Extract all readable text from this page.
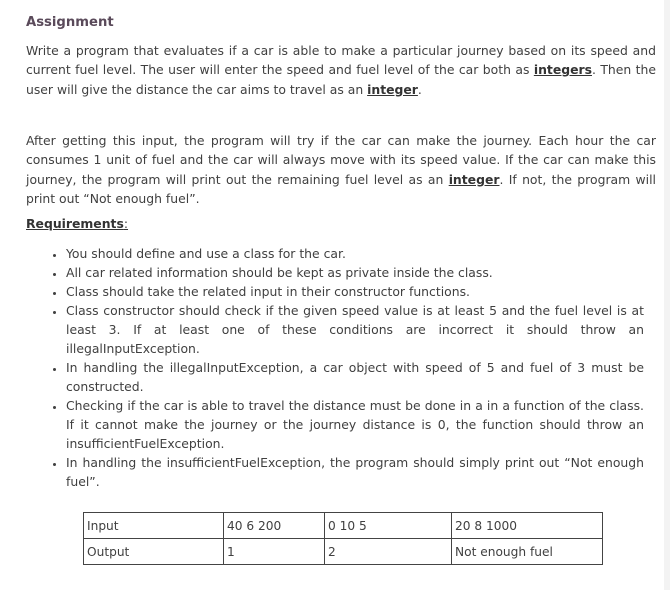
Assignment

Write a program that evaluates if a car is able to make a particular journey based on its speed and current fuel level. The user will enter the speed and fuel level of the car both as integers. Then the user will give the distance the car aims to travel as an integer.

After getting this input, the program will try if the car can make the journey. Each hour the car consumes 1 unit of fuel and the car will always move with its speed value. If the car can make this journey, the program will print out the remaining fuel level as an integer. If not, the program will print out “Not enough fuel”.

Requirements:

• You should define and use a class for the car.
• All car related information should be kept as private inside the class.
• Class should take the related input in their constructor functions.
• Class constructor should check if the given speed value is at least 5 and the fuel level is at least 3. If at least one of these conditions are incorrect it should throw an illegalInputException.
• In handling the illegalInputException, a car object with speed of 5 and fuel of 3 must be constructed.
• Checking if the car is able to travel the distance must be done in a in a function of the class. If it cannot make the journey or the journey distance is 0, the function should throw an insufficientFuelException.
• In handling the insufficientFuelException, the program should simply print out “Not enough fuel”.
Input	40 6 200	0 10 5	20 8 1000
Output	1	2	Not enough fuel
